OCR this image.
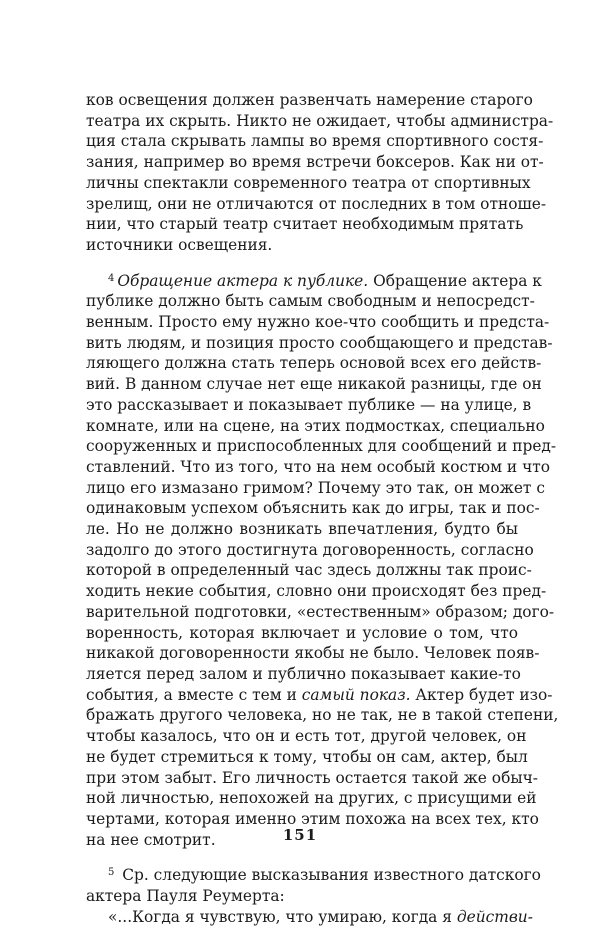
ков освещения должен развенчать намерение старого
театра их скрыть. Никто не ожидает, чтобы администра-
ция стала скрывать лампы во время спортивного состя-
зания, например во время встречи боксеров. Как ни от-
личны спектакли современного театра от спортивных
зрелищ, они не отличаются от последних в том отноше-
нии, что старый театр считает необходимым прятать
источники освещения.

$^4$ Обращение актера к публике. Обращение актера к
публике должно быть самым свободным и непосредст-
венным. Просто ему нужно кое-что сообщить и предста-
вить людям, и позиция просто сообщающего и представ-
ляющего должна стать теперь основой всех его действ-
вий. В данном случае нет еще никакой разницы, где он
это рассказывает и показывает публике — на улице, в
комнате, или на сцене, на этих подмостках, специально
сооруженных и приспособленных для сообщений и пред-
ставлений. Что из того, что на нем особый костюм и что
лицо его измазано гримом? Почему это так, он может с
одинаковым успехом объяснить как до игры, так и пос-
ле. Но не должно возникать впечатления, будто бы
задолго до этого достигнута договоренность, согласно
которой в определенный час здесь должны так проис-
ходить некие события, словно они происходят без пред-
варительной подготовки, «естественным» образом; дого-
воренность, которая включает и условие о том, что
никакой договоренности якобы не было. Человек появ-
ляется перед залом и публично показывает какие-то
события, а вместе с тем и самый показ. Актер будет изо-
бражать другого человека, но не так, не в такой степени,
чтобы казалось, что он и есть тот, другой человек, он
не будет стремиться к тому, чтобы он сам, актер, был
при этом забыт. Его личность остается такой же обыч-
ной личностью, непохожей на других, с присущими ей
чертами, которая именно этим похожа на всех тех, кто
на нее смотрит.

$^5$ Ср. следующие высказывания известного датского
актера Пауля Реумерта:
«...Когда я чувствую, что умираю, когда я действи-

151
